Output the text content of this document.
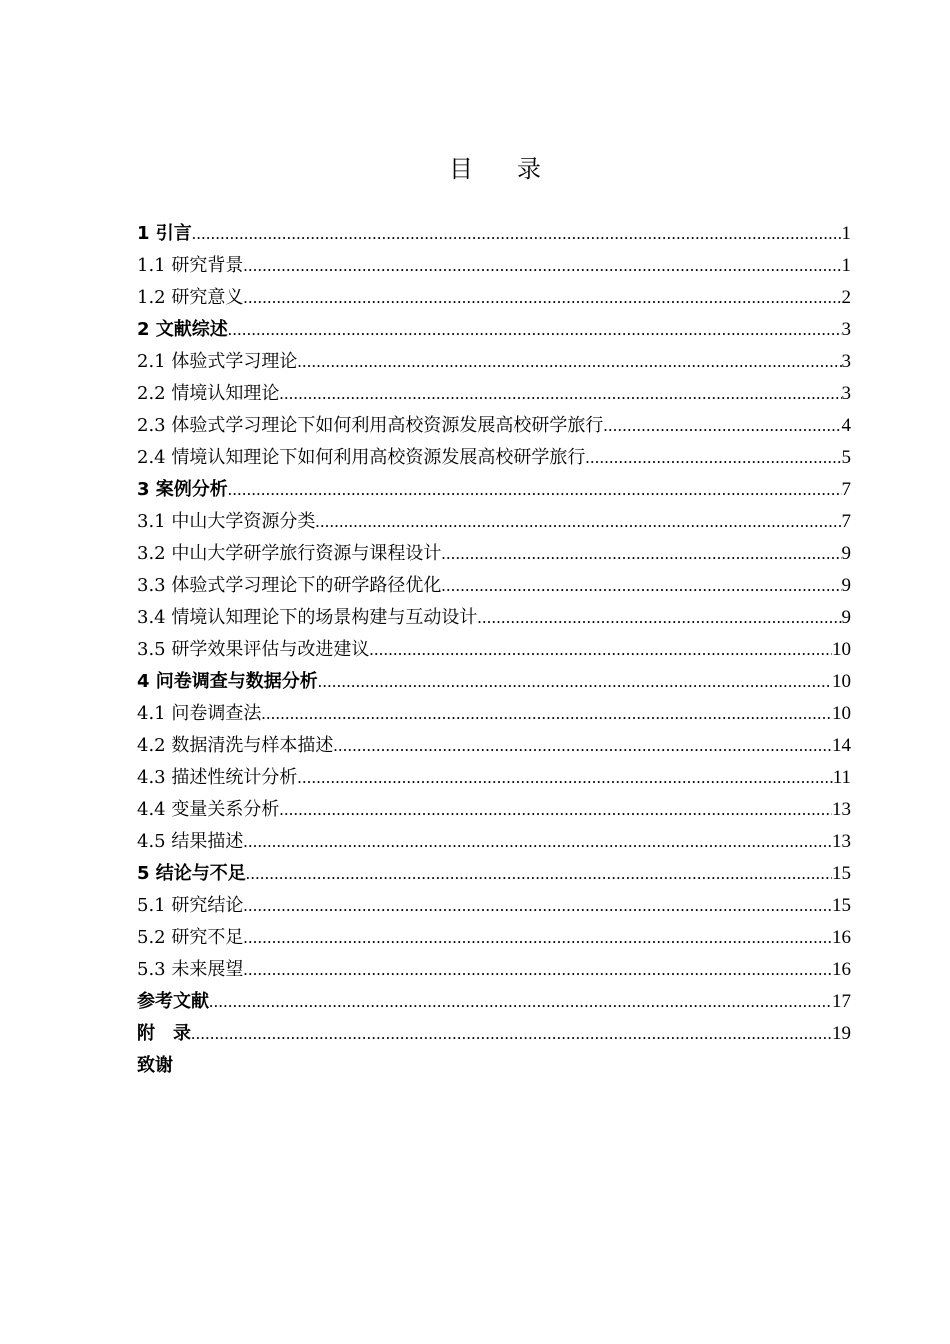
目 录
1 引言 .....	1
1.1 研究背景 .....	1
1.2 研究意义 .....	2
2 文献综述 .....	3
2.1 体验式学习理论 .....	3
2.2 情境认知理论 .....	3
2.3 体验式学习理论下如何利用高校资源发展高校研学旅行 .....	4
2.4 情境认知理论下如何利用高校资源发展高校研学旅行 .....	5
3 案例分析 .....	7
3.1 中山大学资源分类 .....	7
3.2 中山大学研学旅行资源与课程设计 .....	9
3.3 体验式学习理论下的研学路径优化 .....	9
3.4 情境认知理论下的场景构建与互动设计 .....	9
3.5 研学效果评估与改进建议 .....	10
4 问卷调查与数据分析 .....	10
4.1 问卷调查法 .....	10
4.2 数据清洗与样本描述 .....	14
4.3 描述性统计分析 .....	11
4.4 变量关系分析 .....	13
4.5 结果描述 .....	13
5 结论与不足 .....	15
5.1 研究结论 .....	15
5.2 研究不足 .....	16
5.3 未来展望 .....	16
参考文献 .....	17
附　录 .....	19
致谢
